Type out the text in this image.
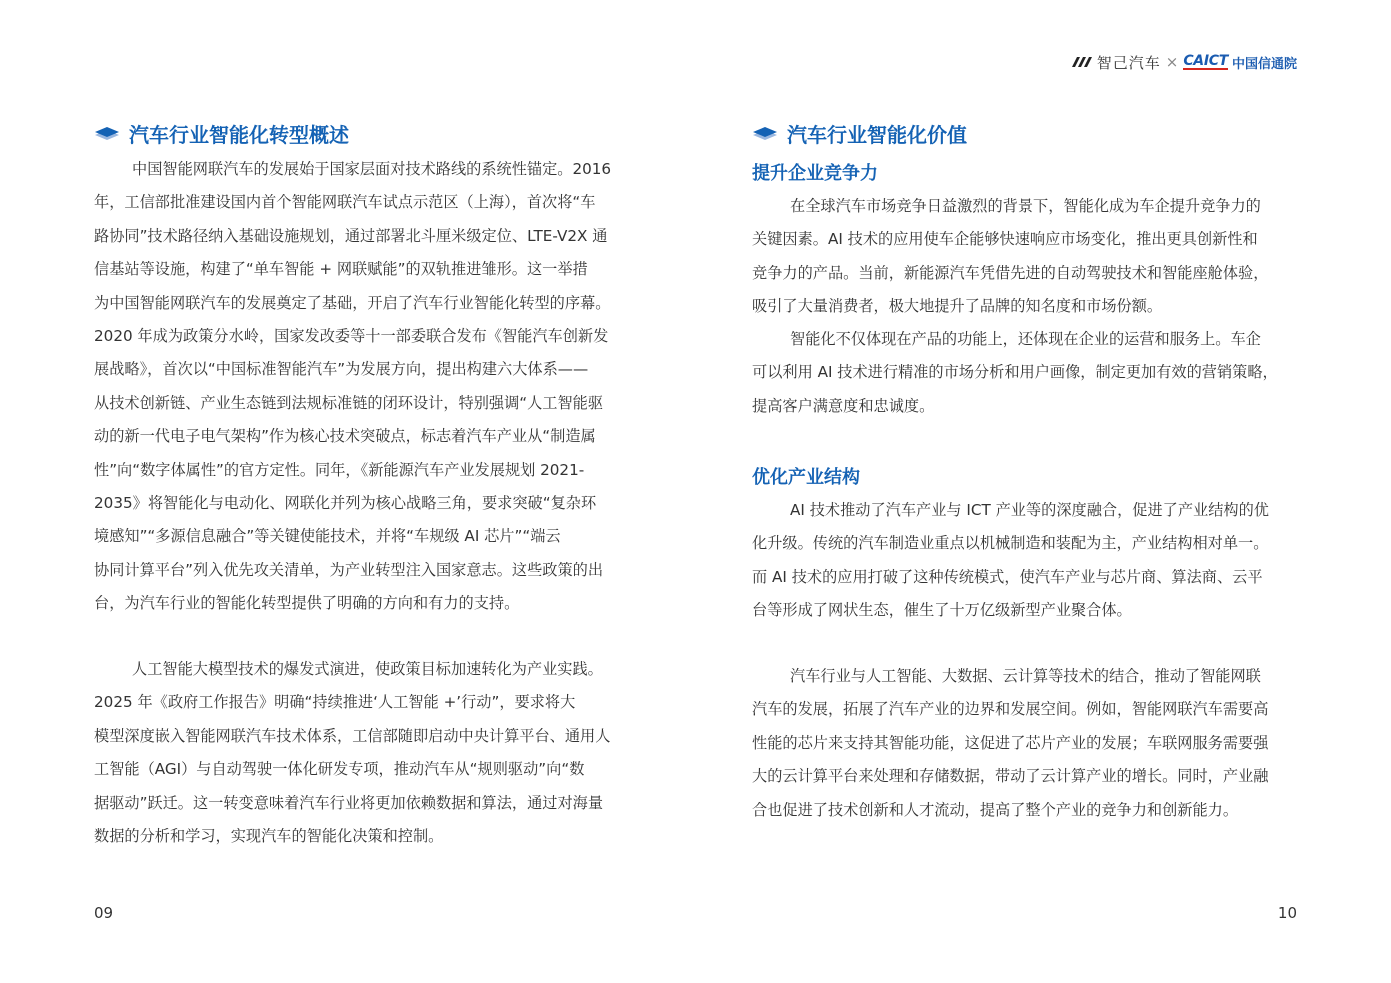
智己汽车 × CAICT 中国信通院
汽车行业智能化转型概述
中国智能网联汽车的发展始于国家层面对技术路线的系统性锚定。2016
年，工信部批准建设国内首个智能网联汽车试点示范区（上海），首次将“车
路协同”技术路径纳入基础设施规划，通过部署北斗厘米级定位、LTE-V2X 通
信基站等设施，构建了“单车智能 + 网联赋能”的双轨推进雏形。这一举措
为中国智能网联汽车的发展奠定了基础，开启了汽车行业智能化转型的序幕。
2020 年成为政策分水岭，国家发改委等十一部委联合发布《智能汽车创新发
展战略》，首次以“中国标准智能汽车”为发展方向，提出构建六大体系——
从技术创新链、产业生态链到法规标准链的闭环设计，特别强调“人工智能驱
动的新一代电子电气架构”作为核心技术突破点，标志着汽车产业从“制造属
性”向“数字体属性”的官方定性。同年，《新能源汽车产业发展规划 2021-
2035》将智能化与电动化、网联化并列为核心战略三角，要求突破“复杂环
境感知”“多源信息融合”等关键使能技术，并将“车规级 AI 芯片”“端云
协同计算平台”列入优先攻关清单，为产业转型注入国家意志。这些政策的出
台，为汽车行业的智能化转型提供了明确的方向和有力的支持。
人工智能大模型技术的爆发式演进，使政策目标加速转化为产业实践。
2025 年《政府工作报告》明确“持续推进‘人工智能 +’行动”，要求将大
模型深度嵌入智能网联汽车技术体系，工信部随即启动中央计算平台、通用人
工智能（AGI）与自动驾驶一体化研发专项，推动汽车从“规则驱动”向“数
据驱动”跃迁。这一转变意味着汽车行业将更加依赖数据和算法，通过对海量
数据的分析和学习，实现汽车的智能化决策和控制。
09
汽车行业智能化价值
提升企业竞争力
在全球汽车市场竞争日益激烈的背景下，智能化成为车企提升竞争力的
关键因素。AI 技术的应用使车企能够快速响应市场变化，推出更具创新性和
竞争力的产品。当前，新能源汽车凭借先进的自动驾驶技术和智能座舱体验，
吸引了大量消费者，极大地提升了品牌的知名度和市场份额。
智能化不仅体现在产品的功能上，还体现在企业的运营和服务上。车企
可以利用 AI 技术进行精准的市场分析和用户画像，制定更加有效的营销策略，
提高客户满意度和忠诚度。
优化产业结构
AI 技术推动了汽车产业与 ICT 产业等的深度融合，促进了产业结构的优
化升级。传统的汽车制造业重点以机械制造和装配为主，产业结构相对单一。
而 AI 技术的应用打破了这种传统模式，使汽车产业与芯片商、算法商、云平
台等形成了网状生态，催生了十万亿级新型产业聚合体。
汽车行业与人工智能、大数据、云计算等技术的结合，推动了智能网联
汽车的发展，拓展了汽车产业的边界和发展空间。例如，智能网联汽车需要高
性能的芯片来支持其智能功能，这促进了芯片产业的发展；车联网服务需要强
大的云计算平台来处理和存储数据，带动了云计算产业的增长。同时，产业融
合也促进了技术创新和人才流动，提高了整个产业的竞争力和创新能力。
10
